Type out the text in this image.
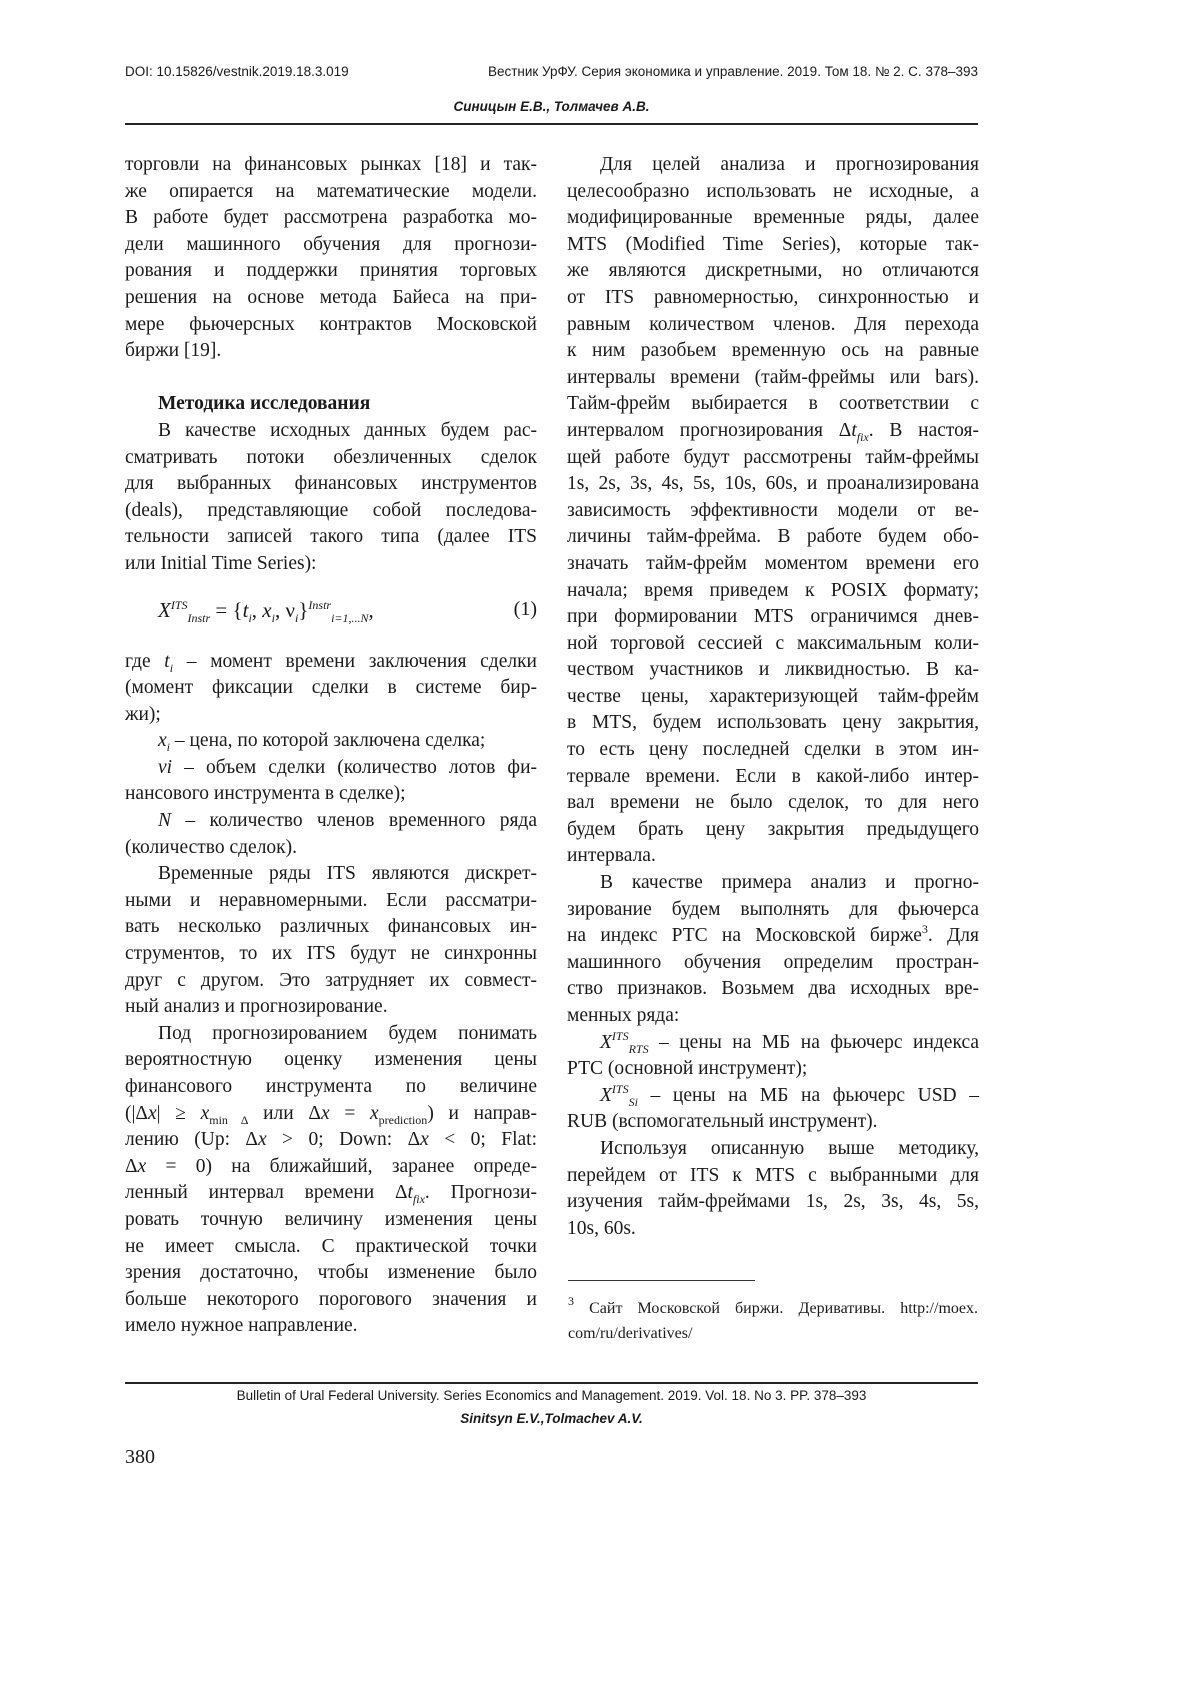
DOI: 10.15826/vestnik.2019.18.3.019	Вестник УрФУ. Серия экономика и управление. 2019. Том 18. № 2. С. 378–393
Синицын Е.В., Толмачев А.В.
торговли на финансовых рынках [18] и так-
же опирается на математические модели.
В работе будет рассмотрена разработка мо-
дели машинного обучения для прогнози-
рования и поддержки принятия торговых
решения на основе метода Байеса на при-
мере фьючерсных контрактов Московской
биржи [19].
Методика исследования
В качестве исходных данных будем рас-
сматривать потоки обезличенных сделок
для выбранных финансовых инструментов
(deals), представляющие собой последова-
тельности записей такого типа (далее ITS
или Initial Time Series):
XITSInstr = {ti, xi, νi}Instri=1,...N,	(1)
где ti – момент времени заключения сделки
(момент фиксации сделки в системе бир-
жи);
xi – цена, по которой заключена сделка;
vi – объем сделки (количество лотов фи-
нансового инструмента в сделке);
N – количество членов временного ряда
(количество сделок).
Временные ряды ITS являются дискрет-
ными и неравномерными. Если рассматри-
вать несколько различных финансовых ин-
струментов, то их ITS будут не синхронны
друг с другом. Это затрудняет их совмест-
ный анализ и прогнозирование.
Под прогнозированием будем понимать
вероятностную оценку изменения цены
финансового инструмента по величине
(|Δx| ≥ xmin Δ или Δx = xprediction) и направ-
лению (Up: Δx > 0; Down: Δx < 0; Flat:
Δx = 0) на ближайший, заранее опреде-
ленный интервал времени Δtfix. Прогнози-
ровать точную величину изменения цены
не имеет смысла. С практической точки
зрения достаточно, чтобы изменение было
больше некоторого порогового значения и
имело нужное направление.
Для целей анализа и прогнозирования
целесообразно использовать не исходные, а
модифицированные временные ряды, далее
MTS (Modified Time Series), которые так-
же являются дискретными, но отличаются
от ITS равномерностью, синхронностью и
равным количеством членов. Для перехода
к ним разобьем временную ось на равные
интервалы времени (тайм-фреймы или bars).
Тайм-фрейм выбирается в соответствии с
интервалом прогнозирования Δtfix. В настоя-
щей работе будут рассмотрены тайм-фреймы
1s, 2s, 3s, 4s, 5s, 10s, 60s, и проанализирована
зависимость эффективности модели от ве-
личины тайм-фрейма. В работе будем обо-
значать тайм-фрейм моментом времени его
начала; время приведем к POSIX формату;
при формировании MTS ограничимся днев-
ной торговой сессией с максимальным коли-
чеством участников и ликвидностью. В ка-
честве цены, характеризующей тайм-фрейм
в MTS, будем использовать цену закрытия,
то есть цену последней сделки в этом ин-
тервале времени. Если в какой-либо интер-
вал времени не было сделок, то для него
будем брать цену закрытия предыдущего
интервала.
В качестве примера анализ и прогно-
зирование будем выполнять для фьючерса
на индекс РТС на Московской бирже3. Для
машинного обучения определим простран-
ство признаков. Возьмем два исходных вре-
менных ряда:
XITSRTS – цены на МБ на фьючерс индекса
РТС (основной инструмент);
XITSSi – цены на МБ на фьючерс USD –
RUB (вспомогательный инструмент).
Используя описанную выше методику,
перейдем от ITS к MTS с выбранными для
изучения тайм-фреймами 1s, 2s, 3s, 4s, 5s,
10s, 60s.
3 Сайт Московской биржи. Деривативы. http://moex.
com/ru/derivatives/
Bulletin of Ural Federal University. Series Economics and Management. 2019. Vol. 18. No 3. PP. 378–393
Sinitsyn E.V.,Tolmachev A.V.
380
